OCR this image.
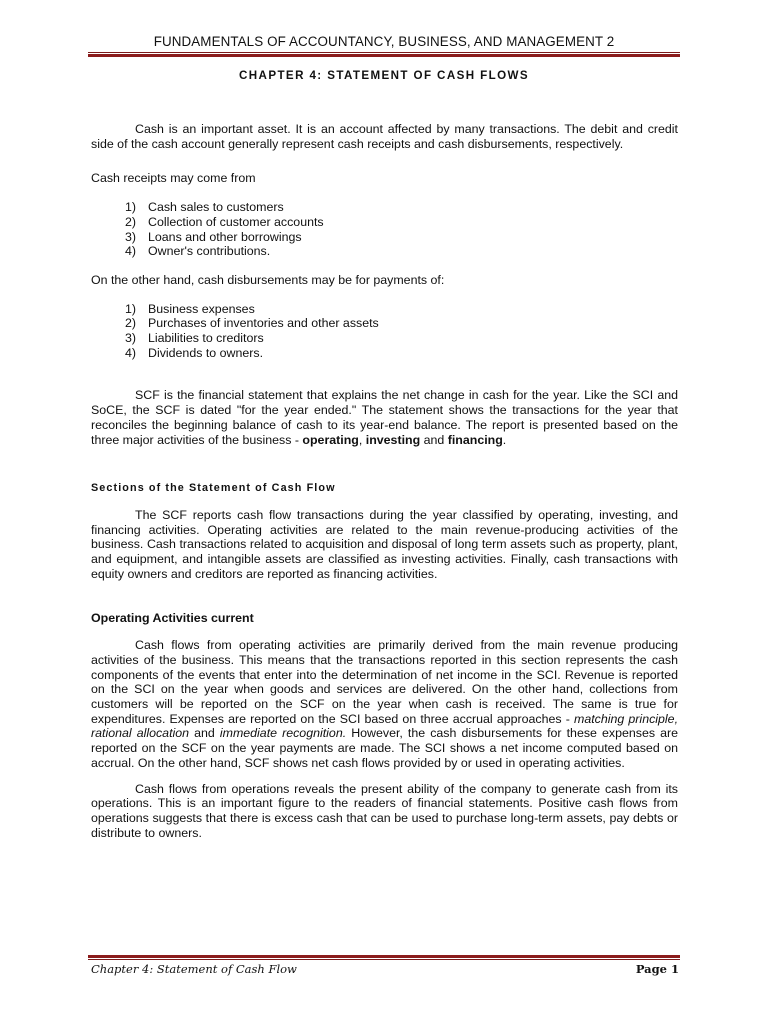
FUNDAMENTALS OF ACCOUNTANCY, BUSINESS, AND MANAGEMENT 2
CHAPTER 4: STATEMENT OF CASH FLOWS

Cash is an important asset. It is an account affected by many transactions. The debit and credit side of the cash account generally represent cash receipts and cash disbursements, respectively.

Cash receipts may come from

1) Cash sales to customers
2) Collection of customer accounts
3) Loans and other borrowings
4) Owner's contributions.

On the other hand, cash disbursements may be for payments of:

1) Business expenses
2) Purchases of inventories and other assets
3) Liabilities to creditors
4) Dividends to owners.

SCF is the financial statement that explains the net change in cash for the year. Like the SCI and SoCE, the SCF is dated "for the year ended." The statement shows the transactions for the year that reconciles the beginning balance of cash to its year-end balance. The report is presented based on the three major activities of the business - operating, investing and financing.

Sections of the Statement of Cash Flow

The SCF reports cash flow transactions during the year classified by operating, investing, and financing activities. Operating activities are related to the main revenue-producing activities of the business. Cash transactions related to acquisition and disposal of long term assets such as property, plant, and equipment, and intangible assets are classified as investing activities. Finally, cash transactions with equity owners and creditors are reported as financing activities.

Operating Activities current

Cash flows from operating activities are primarily derived from the main revenue producing activities of the business. This means that the transactions reported in this section represents the cash components of the events that enter into the determination of net income in the SCI. Revenue is reported on the SCI on the year when goods and services are delivered. On the other hand, collections from customers will be reported on the SCF on the year when cash is received. The same is true for expenditures. Expenses are reported on the SCI based on three accrual approaches - matching principle, rational allocation and immediate recognition. However, the cash disbursements for these expenses are reported on the SCF on the year payments are made. The SCI shows a net income computed based on accrual. On the other hand, SCF shows net cash flows provided by or used in operating activities.

Cash flows from operations reveals the present ability of the company to generate cash from its operations. This is an important figure to the readers of financial statements. Positive cash flows from operations suggests that there is excess cash that can be used to purchase long-term assets, pay debts or distribute to owners.

Chapter 4: Statement of Cash Flow	Page 1
